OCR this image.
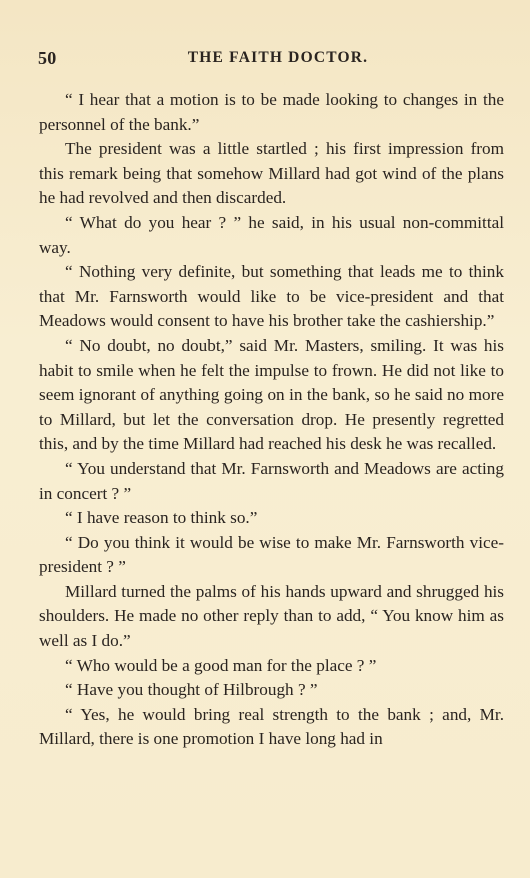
50	THE FAITH DOCTOR.

“ I hear that a motion is to be made looking to changes in the personnel of the bank.”

The president was a little startled ; his first impression from this remark being that somehow Millard had got wind of the plans he had revolved and then discarded.

“ What do you hear ? ” he said, in his usual non-committal way.

“ Nothing very definite, but something that leads me to think that Mr. Farnsworth would like to be vice-president and that Meadows would consent to have his brother take the cashiership.”

“ No doubt, no doubt,” said Mr. Masters, smiling. It was his habit to smile when he felt the impulse to frown. He did not like to seem ignorant of anything going on in the bank, so he said no more to Millard, but let the conversation drop. He presently regretted this, and by the time Millard had reached his desk he was recalled.

“ You understand that Mr. Farnsworth and Meadows are acting in concert ? ”

“ I have reason to think so.”

“ Do you think it would be wise to make Mr. Farnsworth vice-president ? ”

Millard turned the palms of his hands upward and shrugged his shoulders. He made no other reply than to add, “ You know him as well as I do.”

“ Who would be a good man for the place ? ”

“ Have you thought of Hilbrough ? ”

“ Yes, he would bring real strength to the bank ; and, Mr. Millard, there is one promotion I have long had in
